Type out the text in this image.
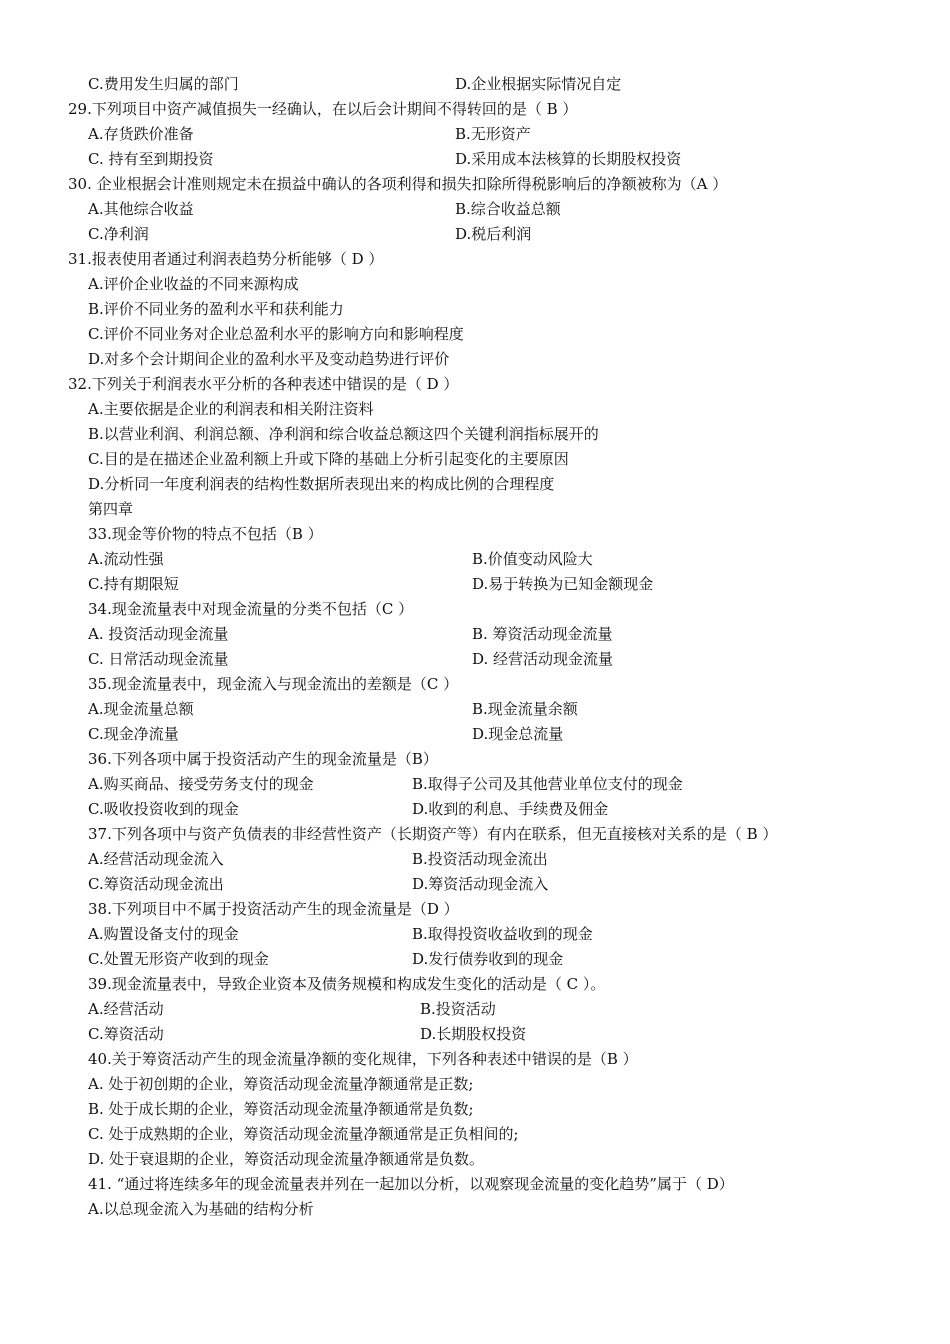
C.费用发生归属的部门	D.企业根据实际情况自定
29.下列项目中资产减值损失一经确认，在以后会计期间不得转回的是（ B ）
A.存货跌价准备	B.无形资产
C. 持有至到期投资	D.采用成本法核算的长期股权投资
30. 企业根据会计准则规定未在损益中确认的各项利得和损失扣除所得税影响后的净额被称为（A ）
A.其他综合收益	B.综合收益总额
C.净利润	D.税后利润
31.报表使用者通过利润表趋势分析能够（ D ）
A.评价企业收益的不同来源构成
B.评价不同业务的盈利水平和获利能力
C.评价不同业务对企业总盈利水平的影响方向和影响程度
D.对多个会计期间企业的盈利水平及变动趋势进行评价
32.下列关于利润表水平分析的各种表述中错误的是（ D ）
A.主要依据是企业的利润表和相关附注资料
B.以营业利润、利润总额、净利润和综合收益总额这四个关键利润指标展开的
C.目的是在描述企业盈利额上升或下降的基础上分析引起变化的主要原因
D.分析同一年度利润表的结构性数据所表现出来的构成比例的合理程度
第四章
33.现金等价物的特点不包括（B ）
A.流动性强	B.价值变动风险大
C.持有期限短	D.易于转换为已知金额现金
34.现金流量表中对现金流量的分类不包括（C ）
A. 投资活动现金流量	B. 筹资活动现金流量
C. 日常活动现金流量	D. 经营活动现金流量
35.现金流量表中，现金流入与现金流出的差额是（C ）
A.现金流量总额	B.现金流量余额
C.现金净流量	D.现金总流量
36.下列各项中属于投资活动产生的现金流量是（B）
A.购买商品、接受劳务支付的现金	B.取得子公司及其他营业单位支付的现金
C.吸收投资收到的现金	D.收到的利息、手续费及佣金
37.下列各项中与资产负债表的非经营性资产（长期资产等）有内在联系，但无直接核对关系的是（ B ）
A.经营活动现金流入	B.投资活动现金流出
C.筹资活动现金流出	D.筹资活动现金流入
38.下列项目中不属于投资活动产生的现金流量是（D ）
A.购置设备支付的现金	B.取得投资收益收到的现金
C.处置无形资产收到的现金	D.发行债券收到的现金
39.现金流量表中，导致企业资本及债务规模和构成发生变化的活动是（ C ）。
A.经营活动	B.投资活动
C.筹资活动	D.长期股权投资
40.关于筹资活动产生的现金流量净额的变化规律，下列各种表述中错误的是（B ）
A. 处于初创期的企业，筹资活动现金流量净额通常是正数;
B. 处于成长期的企业，筹资活动现金流量净额通常是负数;
C. 处于成熟期的企业，筹资活动现金流量净额通常是正负相间的;
D. 处于衰退期的企业，筹资活动现金流量净额通常是负数。
41. “通过将连续多年的现金流量表并列在一起加以分析，以观察现金流量的变化趋势”属于（ D）
A.以总现金流入为基础的结构分析
